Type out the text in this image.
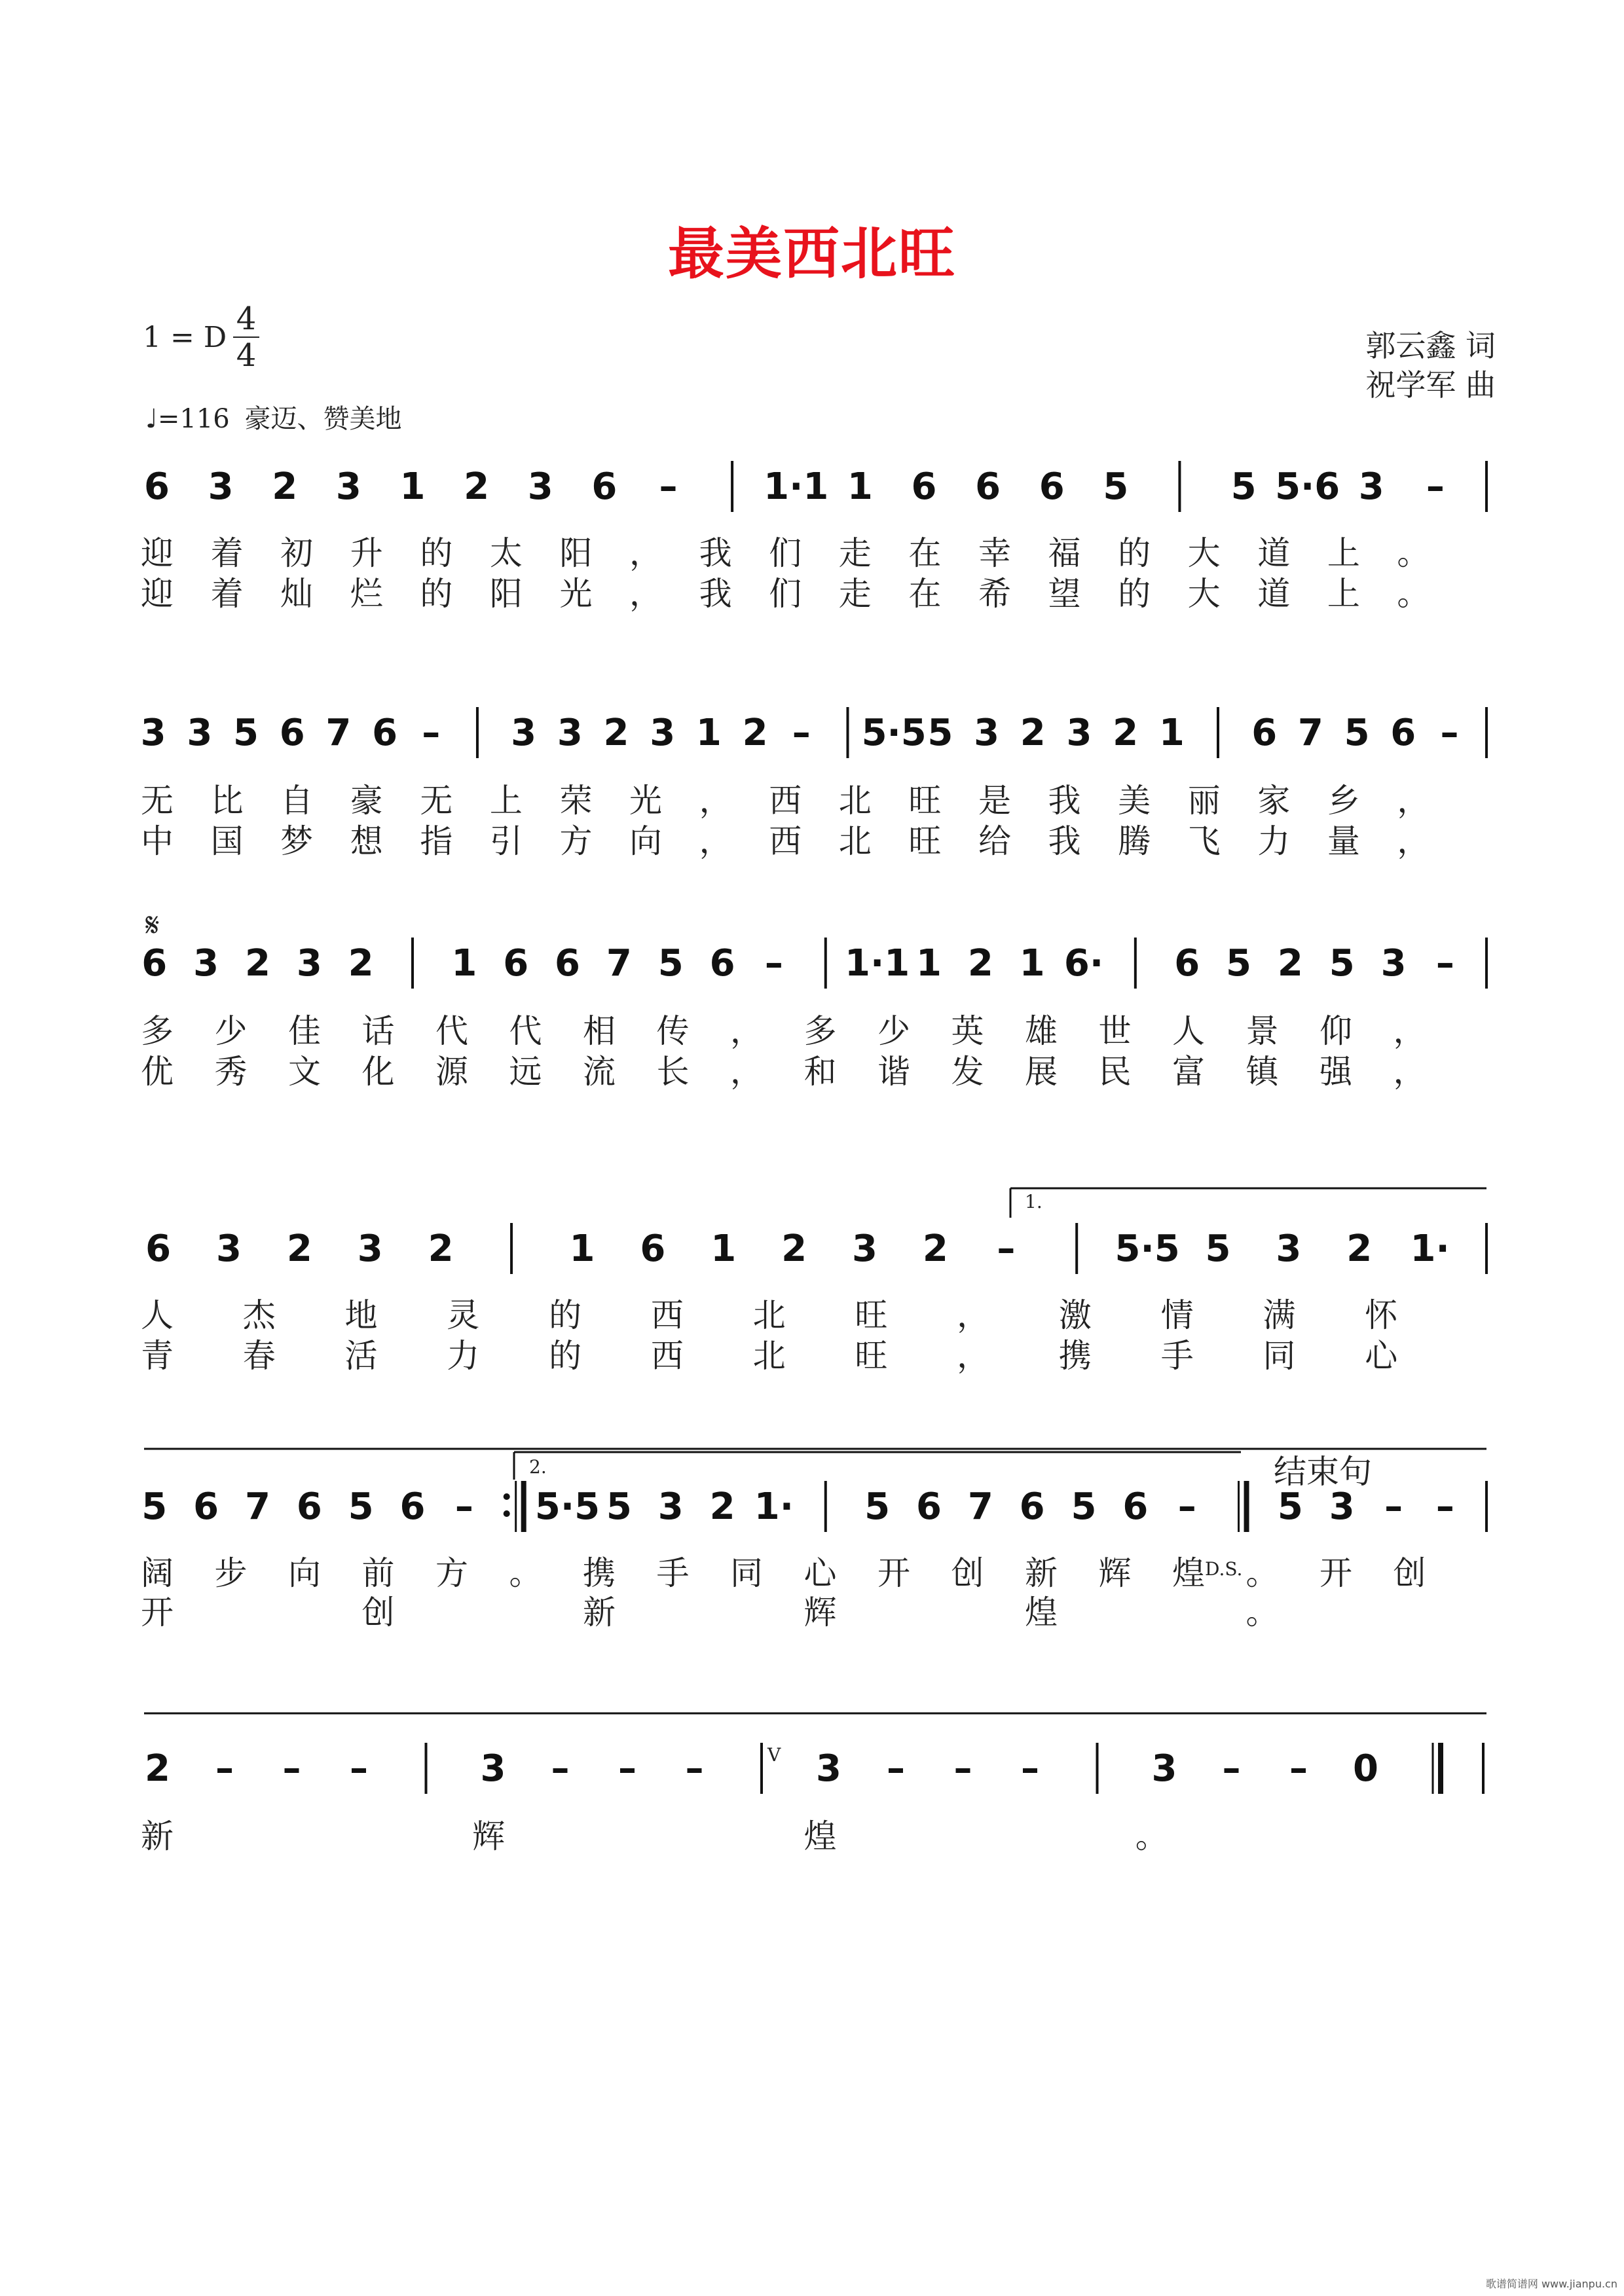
最美西北旺
1 = D
4
4
♩=116 豪迈、赞美地
郭云鑫 词
祝学军 曲
6 3 2 3 1 2 3 6 – 1·1 1 6 6 6 5	5 5·6 3 –
迎 着 初 升 的 太 阳 ， 我 们 走 在 幸 福 的 大 道 上 。
迎 着 灿 烂 的 阳 光 ， 我 们 走 在 希 望 的 大 道 上 。
3 3 5 6 7 6 – 3 3 2 3 1 2 – 5·5 5 3 2 3 2 1 6 7 5 6 –
无 比 自 豪 无 上 荣 光 ， 西 北 旺 是 我 美 丽 家 乡 ，
中 国 梦 想 指 引 方 向 ， 西 北 旺 给 我 腾 飞 力 量 ，
6 3 2 3 2 1 6 6 7 5 6 – 1·1 1 2 1 6· 6 5 2 5 3 –
多 少 佳 话 代 代 相 传 ， 多 少 英 雄 世 人 景 仰 ，
优 秀 文 化 源 远 流 长 ， 和 谐 发 展 民 富 镇 强 ，
6 3 2 3 2	1 6 1 2 3 2 –	5·5 5 3 2 1·
人 杰 地 灵 的 西 北 旺 ， 激 情 满 怀
青 春 活 力 的 西 北 旺 ， 携 手 同 心
5 6 7 6 5 6 – 5·5 5 3 2 1· 5 6 7 6 5 6 – 5 3 – –
阔 步 向 前 方 。 携 手 同 心 开 创 新 辉 煌 。 开 创
开	创	新	辉	煌	。
2 – – –	3 – – –	3 – – –	3 – – 0
新	辉	煌	。
1.
2.	结束句
D.S.
𝄋
V
歌谱简谱网 www.jianpu.cn
